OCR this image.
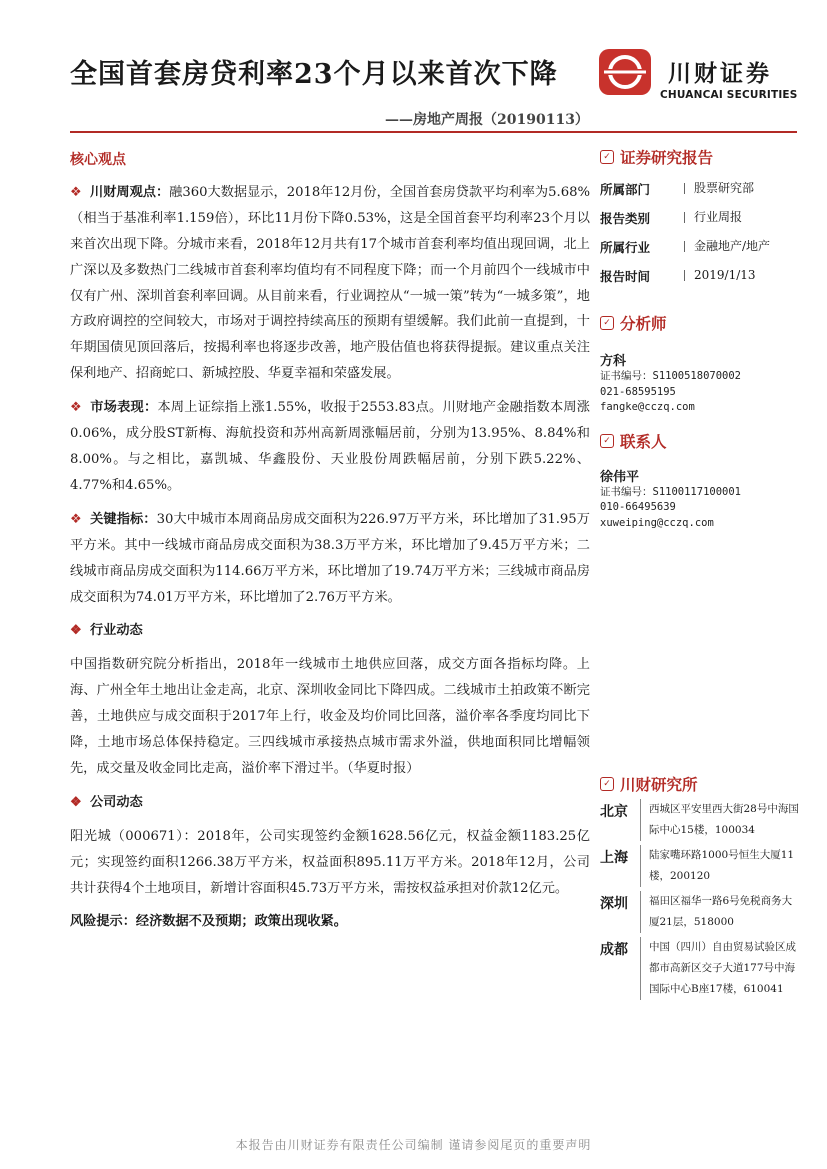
全国首套房贷利率23个月以来首次下降
——房地产周报（20190113）
川财证券
CHUANCAI SECURITIES
核心观点
❖ 川财周观点：融360大数据显示，2018年12月份，全国首套房贷款平均利率为5.68%（相当于基准利率1.159倍），环比11月份下降0.53%，这是全国首套平均利率23个月以来首次出现下降。分城市来看，2018年12月共有17个城市首套利率均值出现回调，北上广深以及多数热门二线城市首套利率均值均有不同程度下降；而一个月前四个一线城市中仅有广州、深圳首套利率回调。从目前来看，行业调控从“一城一策”转为“一城多策”，地方政府调控的空间较大，市场对于调控持续高压的预期有望缓解。我们此前一直提到，十年期国债见顶回落后，按揭利率也将逐步改善，地产股估值也将获得提振。建议重点关注保利地产、招商蛇口、新城控股、华夏幸福和荣盛发展。
❖ 市场表现：本周上证综指上涨1.55%，收报于2553.83点。川财地产金融指数本周涨0.06%，成分股ST新梅、海航投资和苏州高新周涨幅居前，分别为13.95%、8.84%和8.00%。与之相比，嘉凯城、华鑫股份、天业股份周跌幅居前，分别下跌5.22%、4.77%和4.65%。
❖ 关键指标：30大中城市本周商品房成交面积为226.97万平方米，环比增加了31.95万平方米。其中一线城市商品房成交面积为38.3万平方米，环比增加了9.45万平方米；二线城市商品房成交面积为114.66万平方米，环比增加了19.74万平方米；三线城市商品房成交面积为74.01万平方米，环比增加了2.76万平方米。
❖ 行业动态
中国指数研究院分析指出，2018年一线城市土地供应回落，成交方面各指标均降。上海、广州全年土地出让金走高，北京、深圳收金同比下降四成。二线城市土拍政策不断完善，土地供应与成交面积于2017年上行，收金及均价同比回落，溢价率各季度均同比下降，土地市场总体保持稳定。三四线城市承接热点城市需求外溢，供地面积同比增幅领先，成交量及收金同比走高，溢价率下滑过半。（华夏时报）
❖ 公司动态
阳光城（000671）：2018年，公司实现签约金额1628.56亿元，权益金额1183.25亿元；实现签约面积1266.38万平方米，权益面积895.11万平方米。2018年12月，公司共计获得4个土地项目，新增计容面积45.73万平方米，需按权益承担对价款12亿元。
风险提示：经济数据不及预期；政策出现收紧。
✓ 证券研究报告
所属部门	股票研究部
报告类别	行业周报
所属行业	金融地产/地产
报告时间	2019/1/13
✓ 分析师
方科
证书编号：S1100518070002
021-68595195
fangke@cczq.com
✓ 联系人
徐伟平
证书编号：S1100117100001
010-66495639
xuweiping@cczq.com
✓ 川财研究所
北京	西城区平安里西大街28号中海国际中心15楼，100034
上海	陆家嘴环路1000号恒生大厦11楼，200120
深圳	福田区福华一路6号免税商务大厦21层，518000
成都	中国（四川）自由贸易试验区成都市高新区交子大道177号中海国际中心B座17楼，610041
本报告由川财证券有限责任公司编制 谨请参阅尾页的重要声明
